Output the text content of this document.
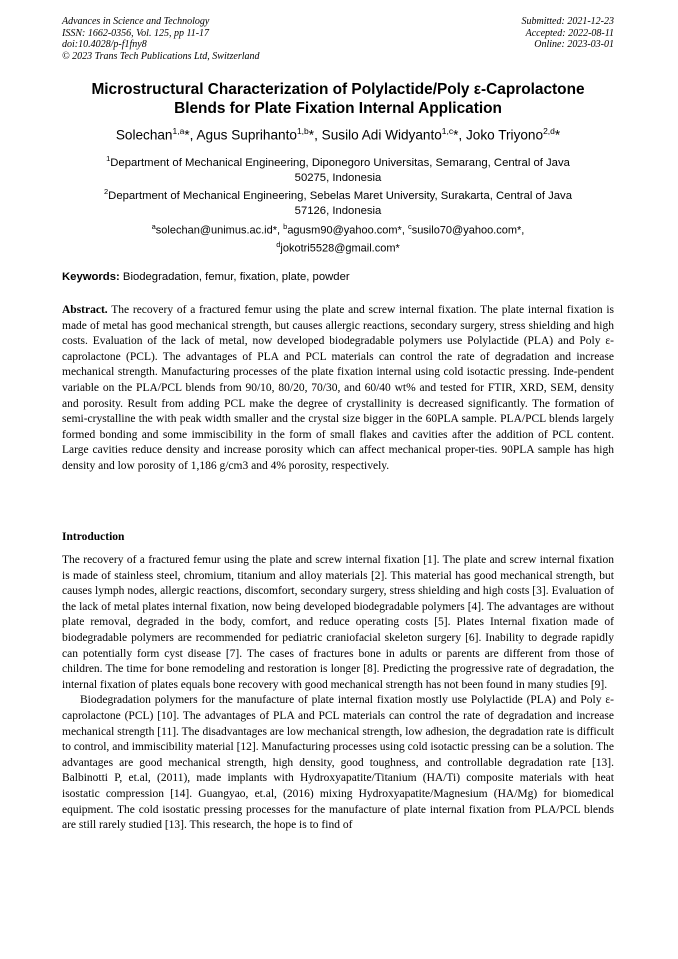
Advances in Science and Technology
ISSN: 1662-0356, Vol. 125, pp 11-17
doi:10.4028/p-f1fny8
© 2023 Trans Tech Publications Ltd, Switzerland
Submitted: 2021-12-23
Accepted: 2022-08-11
Online: 2023-03-01
Microstructural Characterization of Polylactide/Poly ε-Caprolactone
Blends for Plate Fixation Internal Application
Solechan$^{1,a}$*, Agus Suprihanto$^{1,b}$*, Susilo Adi Widyanto$^{1,c}$*, Joko Triyono$^{2,d}$*
$^1$Department of Mechanical Engineering, Diponegoro Universitas, Semarang, Central of Java
50275, Indonesia
$^2$Department of Mechanical Engineering, Sebelas Maret University, Surakarta, Central of Java
57126, Indonesia
$^a$solechan@unimus.ac.id*, $^b$agusm90@yahoo.com*, $^c$susilo70@yahoo.com*,
$^d$jokotri5528@gmail.com*
Keywords: Biodegradation, femur, fixation, plate, powder
Abstract. The recovery of a fractured femur using the plate and screw internal fixation. The plate internal fixation is made of metal has good mechanical strength, but causes allergic reactions, secondary surgery, stress shielding and high costs. Evaluation of the lack of metal, now developed biodegradable polymers use Polylactide (PLA) and Poly ε-caprolactone (PCL). The advantages of PLA and PCL materials can control the rate of degradation and increase mechanical strength. Manufacturing processes of the plate fixation internal using cold isotactic pressing. Inde-pendent variable on the PLA/PCL blends from 90/10, 80/20, 70/30, and 60/40 wt% and tested for FTIR, XRD, SEM, density and porosity. Result from adding PCL make the degree of crystallinity is decreased significantly. The formation of semi-crystalline the with peak width smaller and the crystal size bigger in the 60PLA sample. PLA/PCL blends largely formed bonding and some immiscibility in the form of small flakes and cavities after the addition of PCL content. Large cavities reduce density and increase porosity which can affect mechanical proper-ties. 90PLA sample has high density and low porosity of 1,186 g/cm3 and 4% porosity, respectively.
Introduction

The recovery of a fractured femur using the plate and screw internal fixation [1]. The plate and screw internal fixation is made of stainless steel, chromium, titanium and alloy materials [2]. This material has good mechanical strength, but causes lymph nodes, allergic reactions, discomfort, secondary surgery, stress shielding and high costs [3]. Evaluation of the lack of metal plates internal fixation, now being developed biodegradable polymers [4]. The advantages are without plate removal, degraded in the body, comfort, and reduce operating costs [5]. Plates Internal fixation made of biodegradable polymers are recommended for pediatric craniofacial skeleton surgery [6]. Inability to degrade rapidly can potentially form cyst disease [7]. The cases of fractures bone in adults or parents are different from those of children. The time for bone remodeling and restoration is longer [8]. Predicting the progressive rate of degradation, the internal fixation of plates equals bone recovery with good mechanical strength has not been found in many studies [9].

Biodegradation polymers for the manufacture of plate internal fixation mostly use Polylactide (PLA) and Poly ε-caprolactone (PCL) [10]. The advantages of PLA and PCL materials can control the rate of degradation and increase mechanical strength [11]. The disadvantages are low mechanical strength, low adhesion, the degradation rate is difficult to control, and immiscibility material [12]. Manufacturing processes using cold isotactic pressing can be a solution. The advantages are good mechanical strength, high density, good toughness, and controllable degradation rate [13]. Balbinotti P, et.al, (2011), made implants with Hydroxyapatite/Titanium (HA/Ti) composite materials with heat isostatic compression [14]. Guangyao, et.al, (2016) mixing Hydroxyapatite/Magnesium (HA/Mg) for biomedical equipment. The cold isostatic pressing processes for the manufacture of plate internal fixation from PLA/PCL blends are still rarely studied [13]. This research, the hope is to find of
